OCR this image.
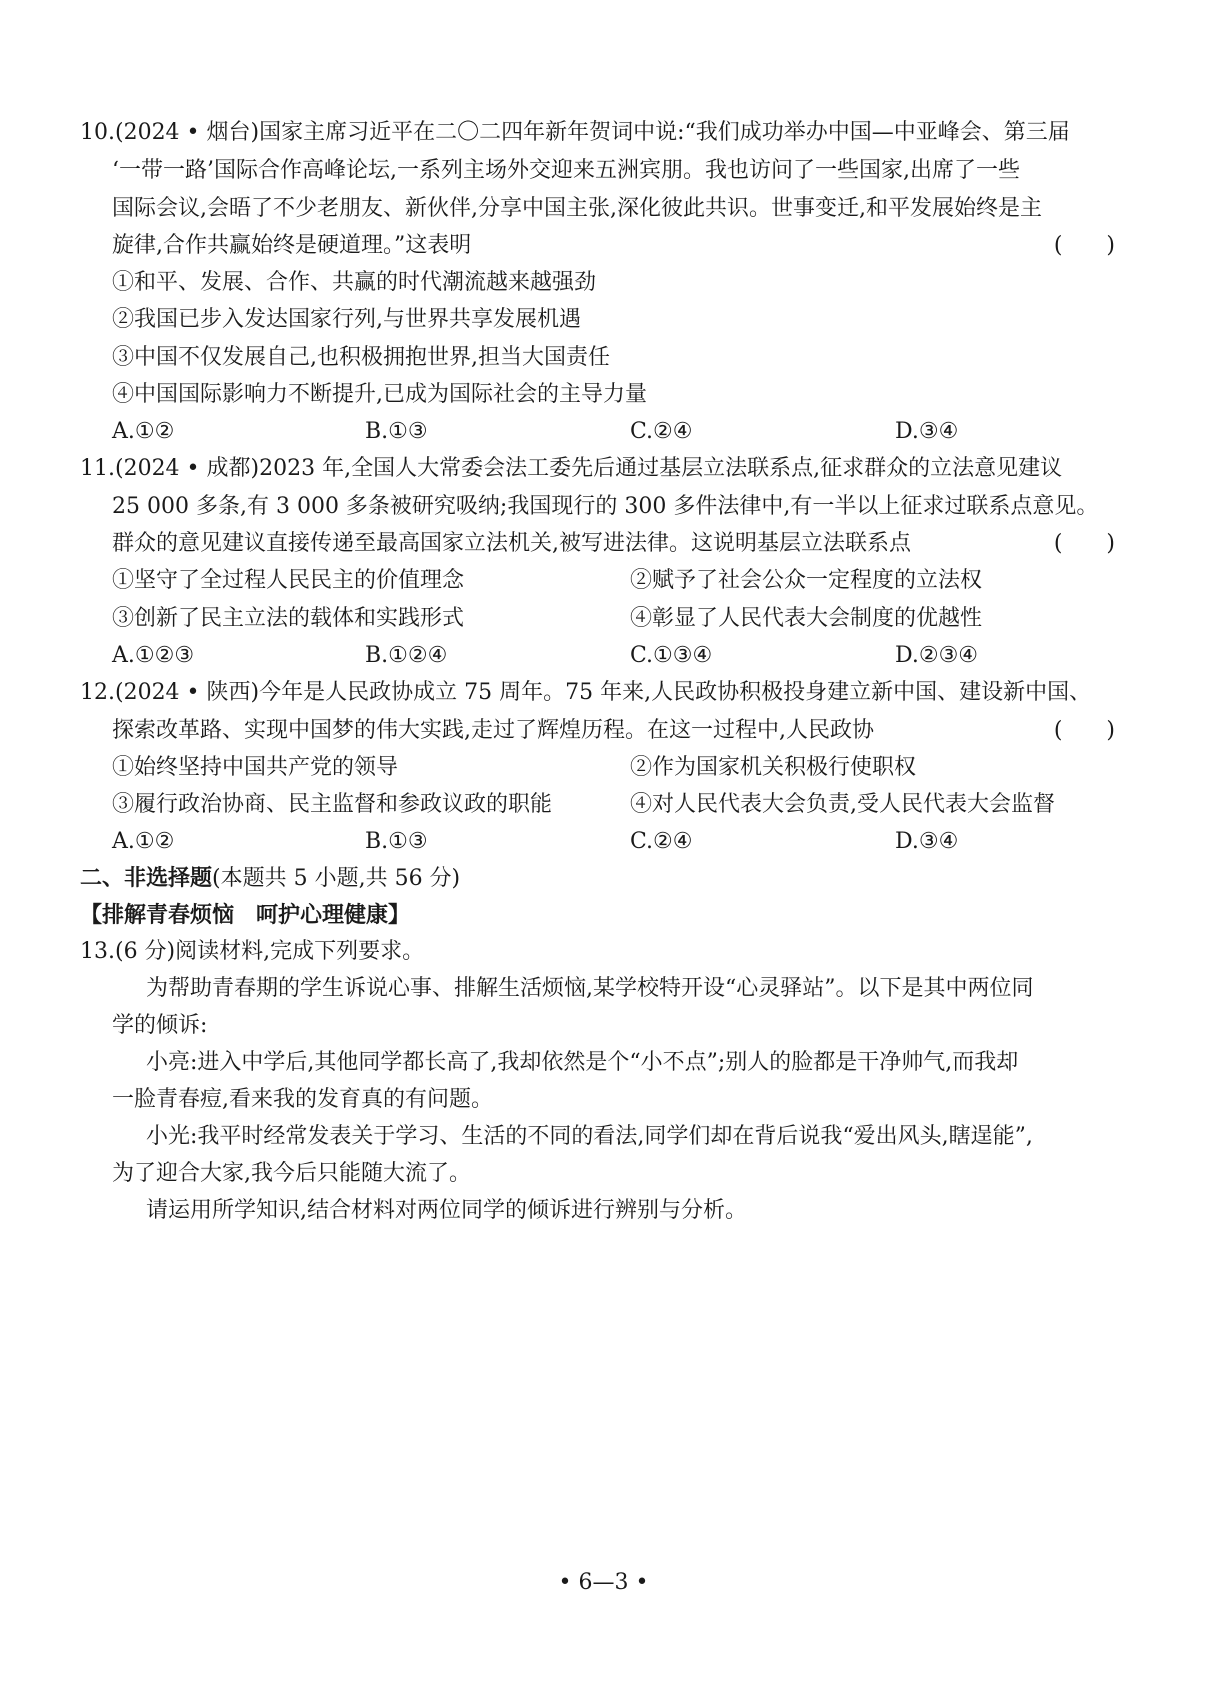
10.(2024 • 烟台)国家主席习近平在二〇二四年新年贺词中说:“我们成功举办中国—中亚峰会、第三届
‘一带一路’国际合作高峰论坛,一系列主场外交迎来五洲宾朋。我也访问了一些国家,出席了一些
国际会议,会晤了不少老朋友、新伙伴,分享中国主张,深化彼此共识。世事变迁,和平发展始终是主
旋律,合作共赢始终是硬道理。”这表明	(　　)
①和平、发展、合作、共赢的时代潮流越来越强劲
②我国已步入发达国家行列,与世界共享发展机遇
③中国不仅发展自己,也积极拥抱世界,担当大国责任
④中国国际影响力不断提升,已成为国际社会的主导力量
A.①②	B.①③	C.②④	D.③④
11.(2024 • 成都)2023 年,全国人大常委会法工委先后通过基层立法联系点,征求群众的立法意见建议
25 000 多条,有 3 000 多条被研究吸纳;我国现行的 300 多件法律中,有一半以上征求过联系点意见。
群众的意见建议直接传递至最高国家立法机关,被写进法律。这说明基层立法联系点	(　　)
①坚守了全过程人民民主的价值理念	②赋予了社会公众一定程度的立法权
③创新了民主立法的载体和实践形式	④彰显了人民代表大会制度的优越性
A.①②③	B.①②④	C.①③④	D.②③④
12.(2024 • 陕西)今年是人民政协成立 75 周年。75 年来,人民政协积极投身建立新中国、建设新中国、
探索改革路、实现中国梦的伟大实践,走过了辉煌历程。在这一过程中,人民政协	(　　)
①始终坚持中国共产党的领导	②作为国家机关积极行使职权
③履行政治协商、民主监督和参政议政的职能	④对人民代表大会负责,受人民代表大会监督
A.①②	B.①③	C.②④	D.③④
二、非选择题(本题共 5 小题,共 56 分)
【排解青春烦恼　呵护心理健康】
13.(6 分)阅读材料,完成下列要求。
为帮助青春期的学生诉说心事、排解生活烦恼,某学校特开设“心灵驿站”。以下是其中两位同
学的倾诉:
小亮:进入中学后,其他同学都长高了,我却依然是个“小不点”;别人的脸都是干净帅气,而我却
一脸青春痘,看来我的发育真的有问题。
小光:我平时经常发表关于学习、生活的不同的看法,同学们却在背后说我“爱出风头,瞎逞能”,
为了迎合大家,我今后只能随大流了。
请运用所学知识,结合材料对两位同学的倾诉进行辨别与分析。
• 6—3 •
